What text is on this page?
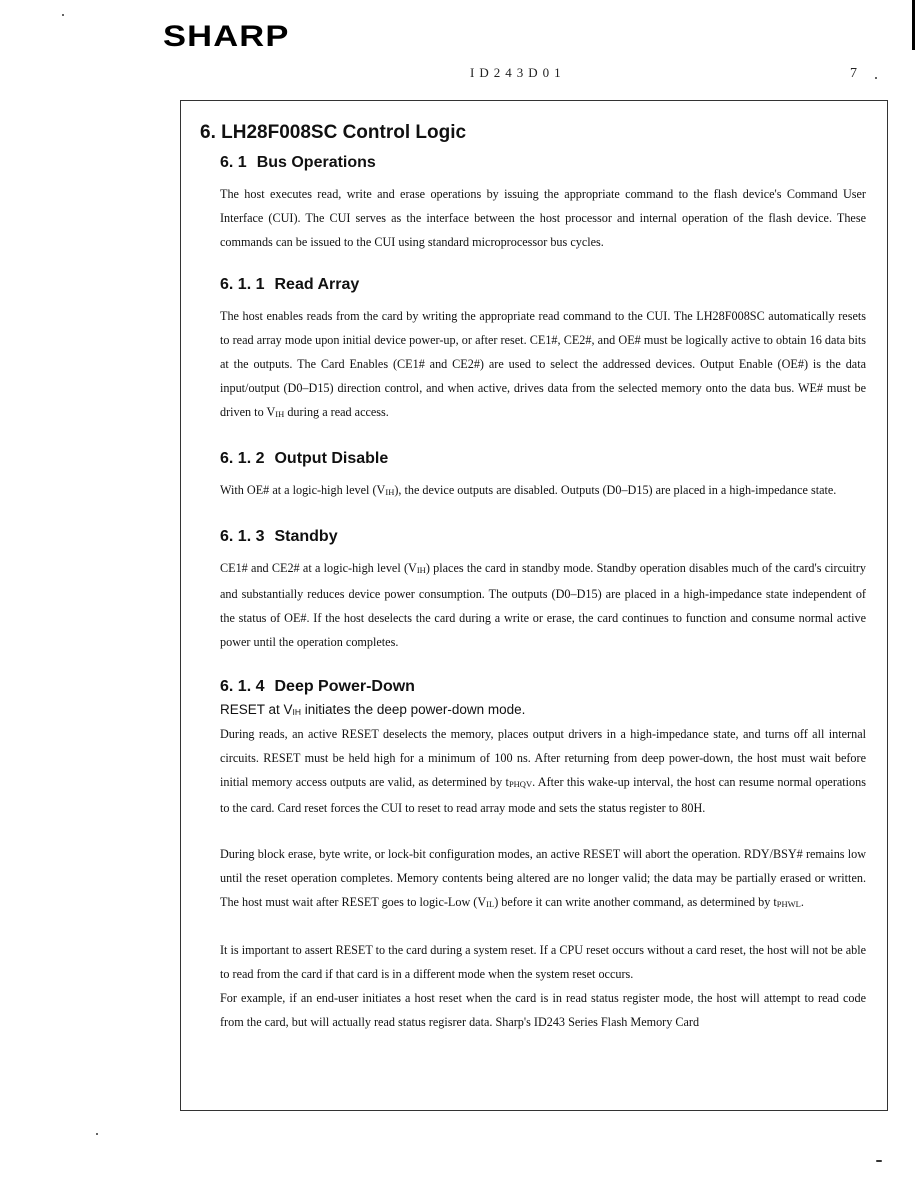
SHARP
ID243D01	7
6. LH28F008SC Control Logic
6. 1 Bus Operations

The host executes read, write and erase operations by issuing the appropriate command to the flash device's Command User Interface (CUI). The CUI serves as the interface between the host processor and internal operation of the flash device. These commands can be issued to the CUI using standard microprocessor bus cycles.

6. 1. 1 Read Array

The host enables reads from the card by writing the appropriate read command to the CUI. The LH28F008SC automatically resets to read array mode upon initial device power-up, or after reset. CE1#, CE2#, and OE# must be logically active to obtain 16 data bits at the outputs. The Card Enables (CE1# and CE2#) are used to select the addressed devices. Output Enable (OE#) is the data input/output (D0–D15) direction control, and when active, drives data from the selected memory onto the data bus. WE# must be driven to VIH during a read access.

6. 1. 2 Output Disable

With OE# at a logic-high level (VIH), the device outputs are disabled. Outputs (D0–D15) are placed in a high-impedance state.

6. 1. 3 Standby

CE1# and CE2# at a logic-high level (VIH) places the card in standby mode. Standby operation disables much of the card's circuitry and substantially reduces device power consumption. The outputs (D0–D15) are placed in a high-impedance state independent of the status of OE#. If the host deselects the card during a write or erase, the card continues to function and consume normal active power until the operation completes.

6. 1. 4 Deep Power-Down

RESET at VIH initiates the deep power-down mode.

During reads, an active RESET deselects the memory, places output drivers in a high-impedance state, and turns off all internal circuits. RESET must be held high for a minimum of 100 ns. After returning from deep power-down, the host must wait before initial memory access outputs are valid, as determined by tPHQV. After this wake-up interval, the host can resume normal operations to the card. Card reset forces the CUI to reset to read array mode and sets the status register to 80H.

During block erase, byte write, or lock-bit configuration modes, an active RESET will abort the operation. RDY/BSY# remains low until the reset operation completes. Memory contents being altered are no longer valid; the data may be partially erased or written. The host must wait after RESET goes to logic-Low (VIL) before it can write another command, as determined by tPHWL.

It is important to assert RESET to the card during a system reset. If a CPU reset occurs without a card reset, the host will not be able to read from the card if that card is in a different mode when the system reset occurs.

For example, if an end-user initiates a host reset when the card is in read status register mode, the host will attempt to read code from the card, but will actually read status regisrer data. Sharp's ID243 Series Flash Memory Card
